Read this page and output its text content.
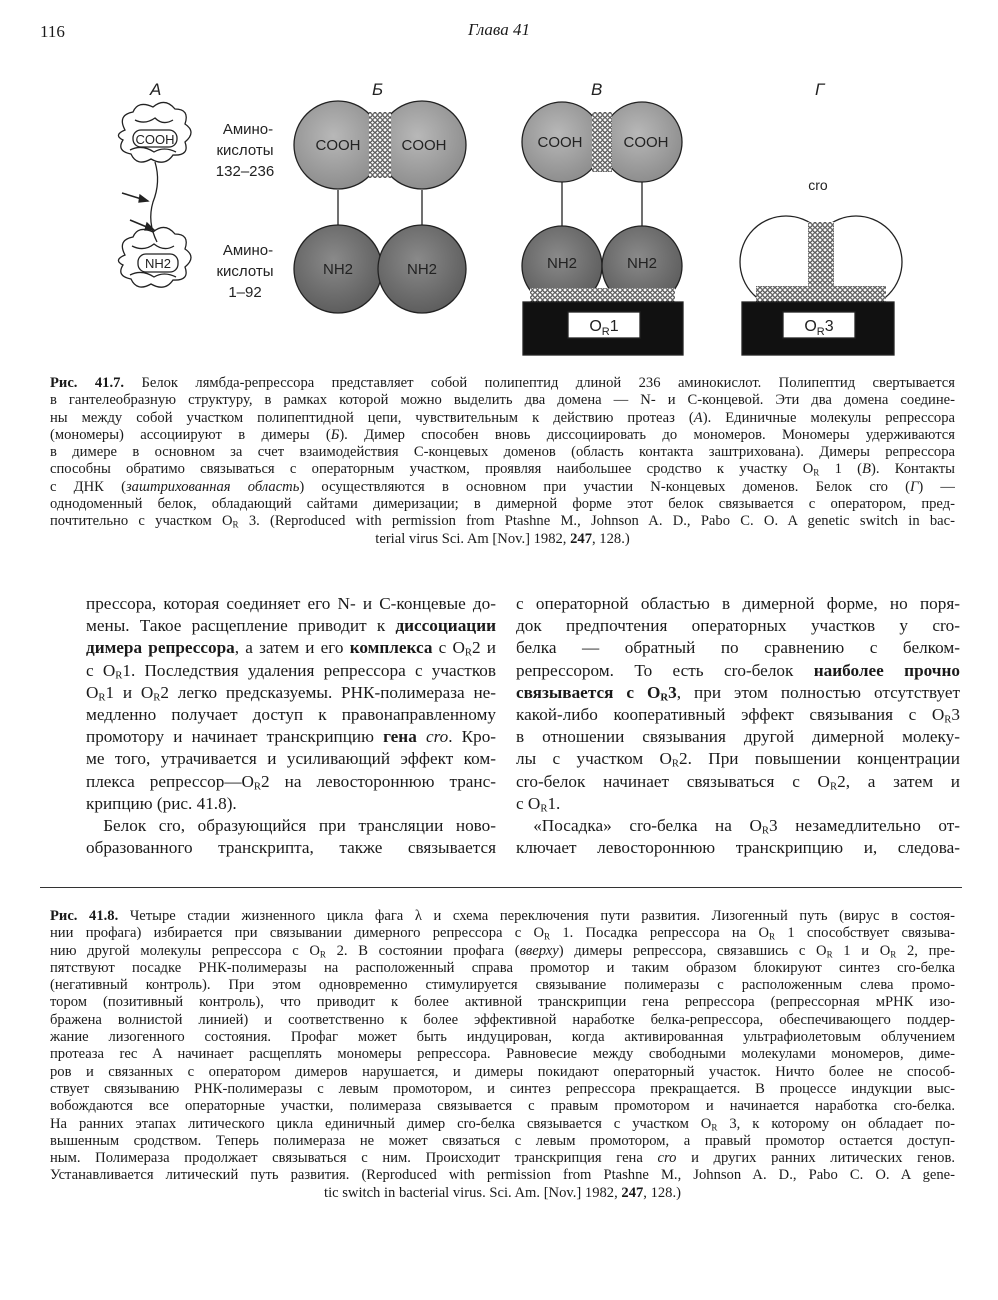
116	Глава 41
А	Б	В	Г
COOH
NH2
Амино-
кислоты
132–236
Амино-
кислоты
1–92
COOH	COOH
NH2	NH2
COOH	COOH
NH2	NH2
$O_R1$
cro
$O_R3$
Рис. 41.7. Белок лямбда-репрессора представляет собой полипептид длиной 236 аминокислот. Полипептид свертывается
в гантелеобразную структуру, в рамках которой можно выделить два домена — N- и C-концевой. Эти два домена соедине-
ны между собой участком полипептидной цепи, чувствительным к действию протеаз (А). Единичные молекулы репрессора
(мономеры) ассоциируют в димеры (Б). Димер способен вновь диссоциировать до мономеров. Мономеры удерживаются
в димере в основном за счет взаимодействия C-концевых доменов (область контакта заштрихована). Димеры репрессора
способны обратимо связываться с операторным участком, проявляя наибольшее сродство к участку $O_R$ 1 (В). Контакты
с ДНК (заштрихованная область) осуществляются в основном при участии N-концевых доменов. Белок cro (Г) —
однодоменный белок, обладающий сайтами димеризации; в димерной форме этот белок связывается с оператором, пред-
почтительно с участком $O_R$ 3. (Reproduced with permission from Ptashne M., Johnson A. D., Pabo C. O. A genetic switch in bac-
terial virus Sci. Am [Nov.] 1982, 247, 128.)
прессора, которая соединяет его N- и C-концевые до-
мены. Такое расщепление приводит к диссоциации
димера репрессора, а затем и его комплекса с $O_R2$ и
с $O_R1$. Последствия удаления репрессора с участков
$O_R1$ и $O_R2$ легко предсказуемы. РНК-полимераза не-
медленно получает доступ к правонаправленному
промотору и начинает транскрипцию гена cro. Кро-
ме того, утрачивается и усиливающий эффект ком-
плекса $репрессор—O_R2$ на левостороннюю транс-
крипцию (рис. 41.8).
 Белок cro, образующийся при трансляции ново-
образованного транскрипта, также связывается
с операторной областью в димерной форме, но поря-
док предпочтения операторных участков у cro-
белка — обратный по сравнению с белком-
репрессором. То есть cro-белок наиболее прочно
связывается с $O_R3$, при этом полностью отсутствует
какой-либо кооперативный эффект связывания с $O_R3$
в отношении связывания другой димерной молеку-
лы с участком $O_R2$. При повышении концентрации
cro-белок начинает связываться с $O_R2$, а затем и
с $O_R1$.
 «Посадка» cro-белка на $O_R3$ незамедлительно от-
ключает левостороннюю транскрипцию и, следова-
Рис. 41.8. Четыре стадии жизненного цикла фага λ и схема переключения пути развития. Лизогенный путь (вирус в состоя-
нии профага) избирается при связывании димерного репрессора с $O_R$ 1. Посадка репрессора на $O_R$ 1 способствует связыва-
нию другой молекулы репрессора с $O_R$ 2. В состоянии профага (вверху) димеры репрессора, связавшись с $O_R$ 1 и $O_R$ 2, пре-
пятствуют посадке РНК-полимеразы на расположенный справа промотор и таким образом блокируют синтез cro-белка
(негативный контроль). При этом одновременно стимулируется связывание полимеразы с расположенным слева промо-
тором (позитивный контроль), что приводит к более активной транскрипции гена репрессора (репрессорная мРНК изо-
бражена волнистой линией) и соответственно к более эффективной наработке белка-репрессора, обеспечивающего поддер-
жание лизогенного состояния. Профаг может быть индуцирован, когда активированная ультрафиолетовым облучением
протеаза rec A начинает расщеплять мономеры репрессора. Равновесие между свободными молекулами мономеров, диме-
ров и связанных с оператором димеров нарушается, и димеры покидают операторный участок. Ничто более не способ-
ствует связыванию РНК-полимеразы с левым промотором, и синтез репрессора прекращается. В процессе индукции выс-
вобождаются все операторные участки, полимераза связывается с правым промотором и начинается наработка cro-белка.
На ранних этапах литического цикла единичный димер cro-белка связывается с участком $O_R$ 3, к которому он обладает по-
вышенным сродством. Теперь полимераза не может связаться с левым промотором, а правый промотор остается доступ-
ным. Полимераза продолжает связываться с ним. Происходит транскрипция гена cro и других ранних литических генов.
Устанавливается литический путь развития. (Reproduced with permission from Ptashne M., Johnson A. D., Pabo C. O. A gene-
tic switch in bacterial virus. Sci. Am. [Nov.] 1982, 247, 128.)
